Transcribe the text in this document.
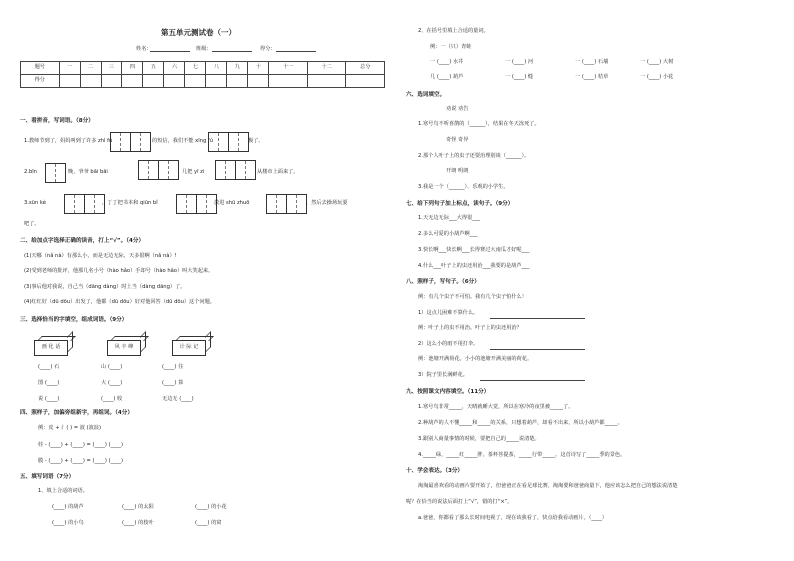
第五单元测试卷（一）
姓名：	班级：	得分：
题号	一	二	三	四	五	六	七	八	九	十	十一	十二	总分
得分													
一、看拼音，写词语。（8分）
1.教师节到了，妈妈叫到了许多 zhì fú	的短信，我们不能 xīng fú	极了。
2.bīn	晚，爷爷 bāi bāi	几把 yī zi	从楼市上面来了。
3.sūn kè	，丁丁把书本和 qiūn bǐ	放进 shū zhuō	，然后去操场玩耍
吧了。
二、给加点字选择正确的读音，打上“√”。（4分）
(1)天哪（nǎ nà）有那么小，而是无边无际，天多很啊（nǎ nà）!
(2)受到老师的批评，他那几名小号（hào hǎo）手却号（hào hǎo）叫大笑起来。
(3)事后他对我说，自己当（dāng dàng）时上当（dàng dāng）了。
(4)红红好（dū dōu）出发了，他都（dū dōu）好对他回答（dū dōu）这个问题。
三、选择恰当的字填空，组成词语。（9分）
画 化 话	风 丰 峰	计 际 记
(____) 石	山 (____)	(____) 住
图 (____)	大 (____)	(____) 算
说 (____)	(____) 收	无边无 (____)
四、照样子，加偏旁组新字，再组词。（4分）
例：皮 + 氵( ) = 波 (波浪)
娃 - (____) + (____) = (____) (____)
膜 - (____) + (____) = (____) (____)
五、填写词语（7分）
1、填上合适的词语。
(____) 的葫芦	(____) 的太阳	(____) 的小花
(____) 的小鸟	(____) 的枝叶	(____) 的窝
2、在括号里填上合适的量词。
例：一（只）青蛙
一 (____) 水井	一 (____) 河	一 (____) 石墙	一 (____) 大树
几 (____) 葫芦	一 (____) 缝	一 (____) 桔草	一 (____) 小花
六、选词填空。
劝说 劝告
1.寒号鸟不听喜鹊的（______），结果在冬天冻死了。
奇怪 奇异
2.那个人叶子上的虫子还要治理别谈（______）。
开朗 明朗
3.我是一个（______）、乐观的小学生。
七、给下列句子加上标点，读句子。（9分）
1.天无边无际___大得很___
2.多么可爱的小葫芦啊___
3.快长啊___快长啊___长得赛过大南瓜才好呢___
4.什么___叶子上的虫还用治___我要的是葫芦___
八、照样子，写句子。（6分）
例：有几个虫子不可怕。我有几个虫子怕什么！
1）这点儿困难不算什么。
例：叶子上的虫不用治。叶子上的虫还用治？
2）这么小的雨不用打伞。
例：池塘开满荷花。小小的池塘开满美丽的荷花。
3）院子里长满鲜花。
九、按照课文内容填空。（11分）
1.寒号鸟非常_____，天晴就睡大觉，所以在寒冷的夜里被_____了。
2.种葫芦的人不懂_____和_____的关系，只想着葫芦，却看不出来，所以小葫芦都_____。
3.跟别人商量事情的时候，要把自己的_____说清楚。
4._____绿，_____红_____胖。茶杯菩提茶，_____行带_____。这首诗写了_____季的景色。
十、学会表达。（3分）
淘淘最喜欢看的动画片要开始了，但爸爸正在看足球比赛，淘淘要和爸爸商量下，他应该怎么把自己的想法说清楚
呢？在恰当的说法后面打上“√”，错的打“×”。
a.爸爸，你都看了那么长时间电视了，现在该我看了，快点给我看动画片。（____）
